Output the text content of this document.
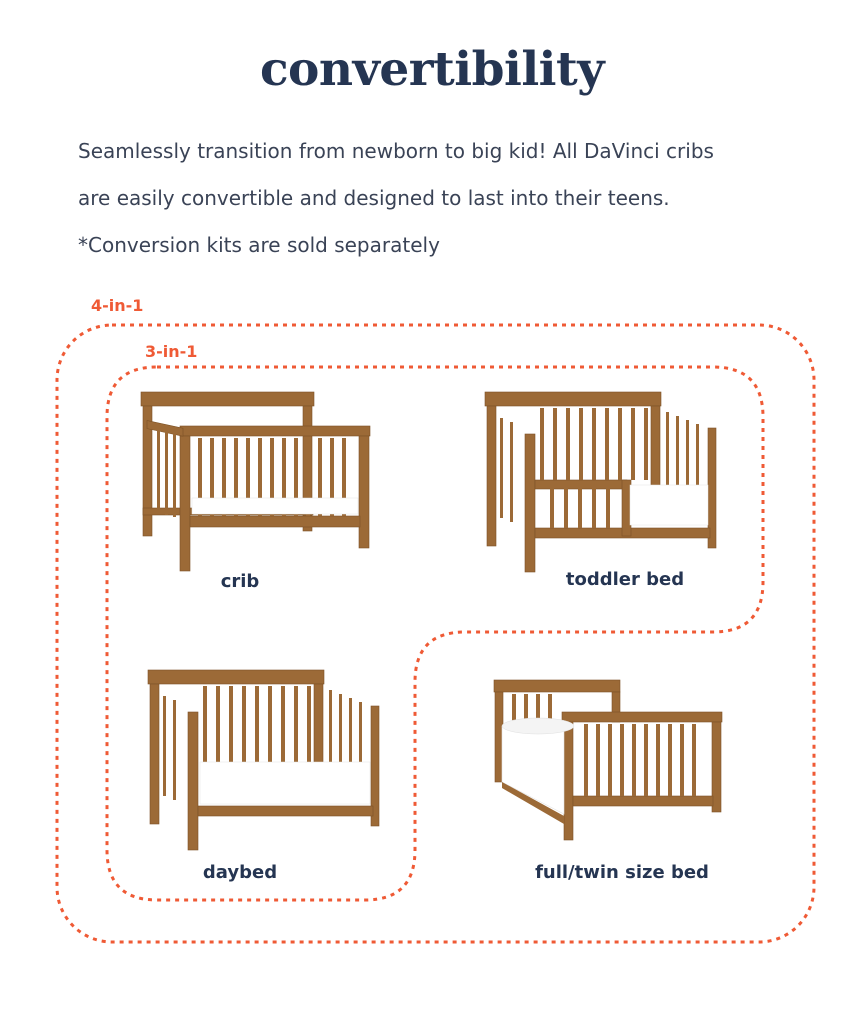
convertibility

Seamlessly transition from newborn to big kid! All DaVinci cribs

are easily convertible and designed to last into their teens.

*Conversion kits are sold separately

4-in-1
3-in-1
crib	toddler bed
daybed	full/twin size bed
